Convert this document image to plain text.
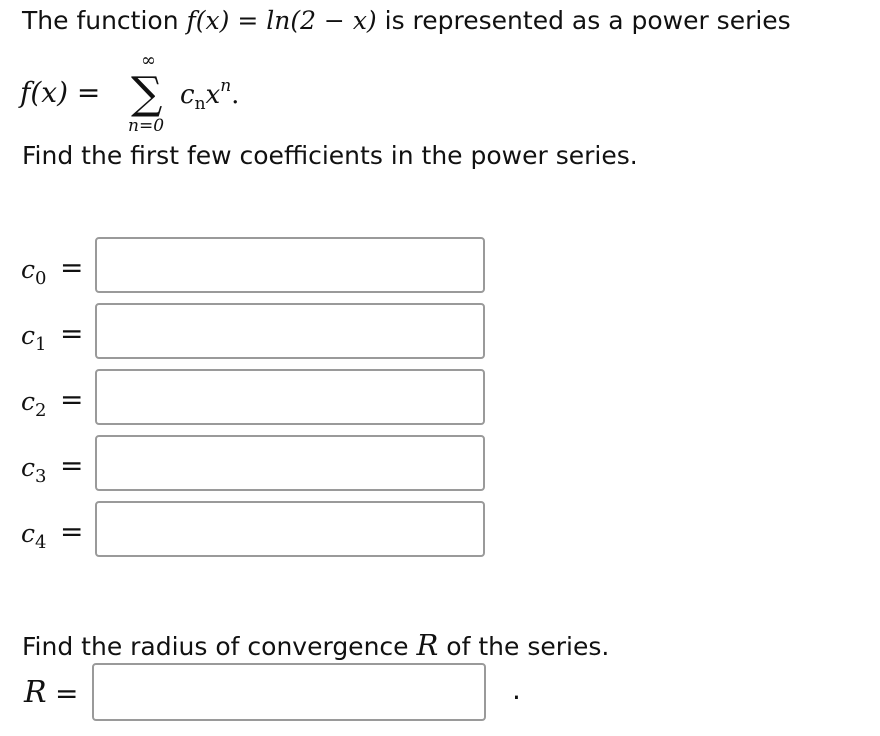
The function f(x) = ln(2 − x) is represented as a power series
f(x) =
∞
∑
n=0
$c_nx^n$.
Find the first few coefficients in the power series.
$c_0$ =
$c_1$ =
$c_2$ =
$c_3$ =
$c_4$ =
Find the radius of convergence R of the series.
R =	.
